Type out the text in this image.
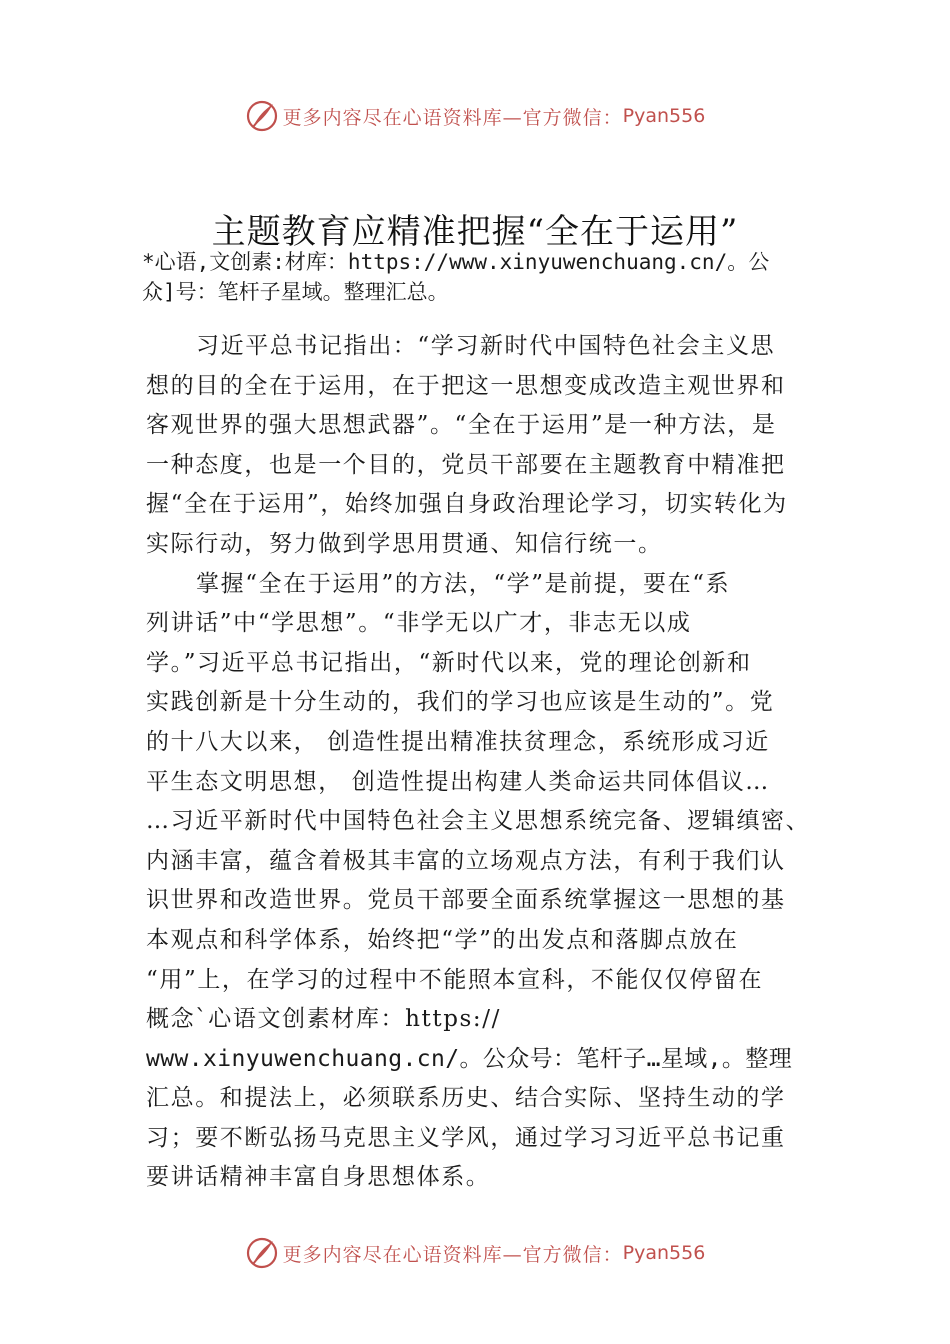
更多内容尽在心语资料库—官方微信： Pyan556
主题教育应精准把握“全在于运用”
*心语,文创素:材库：https://www.xinyuwenchuang.cn/。公
众]号：笔杆子星域。整理汇总。
习近平总书记指出：“学习新时代中国特色社会主义思
想的目的全在于运用，在于把这一思想变成改造主观世界和
客观世界的强大思想武器”。“全在于运用”是一种方法，是
一种态度，也是一个目的，党员干部要在主题教育中精准把
握“全在于运用”，始终加强自身政治理论学习，切实转化为
实际行动，努力做到学思用贯通、知信行统一。
掌握“全在于运用”的方法，“学”是前提，要在“系
列讲话”中“学思想”。“非学无以广才，非志无以成
学。”习近平总书记指出，“新时代以来，党的理论创新和
实践创新是十分生动的，我们的学习也应该是生动的”。党
的十八大以来， 创造性提出精准扶贫理念，系统形成习近
平生态文明思想， 创造性提出构建人类命运共同体倡议…
…习近平新时代中国特色社会主义思想系统完备、逻辑缜密、
内涵丰富，蕴含着极其丰富的立场观点方法，有利于我们认
识世界和改造世界。党员干部要全面系统掌握这一思想的基
本观点和科学体系，始终把“学”的出发点和落脚点放在
“用”上，在学习的过程中不能照本宣科，不能仅仅停留在
概念`心语文创素材库：https://
www.xinyuwenchuang.cn/。公众号：笔杆子…星域,。整理
汇总。和提法上，必须联系历史、结合实际、坚持生动的学
习；要不断弘扬马克思主义学风，通过学习习近平总书记重
要讲话精神丰富自身思想体系。
更多内容尽在心语资料库—官方微信： Pyan556
